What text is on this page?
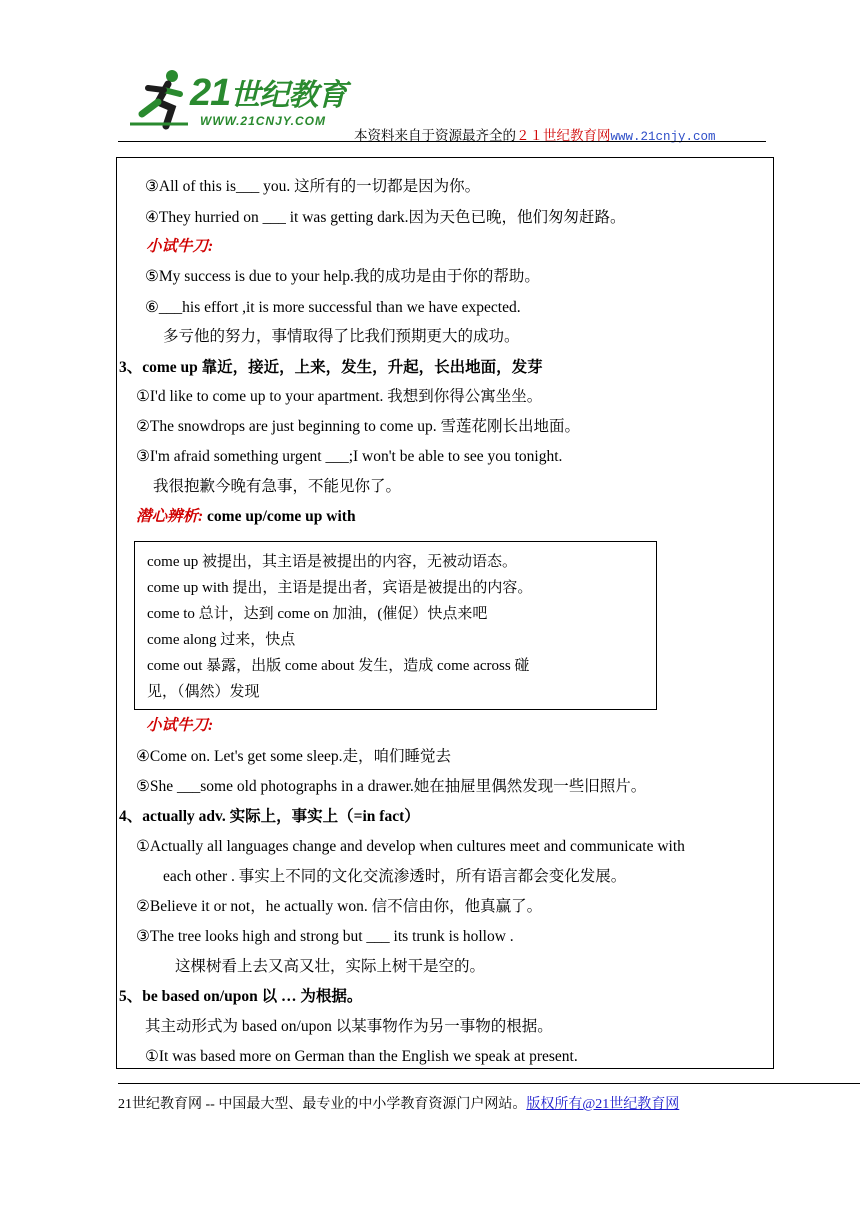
21世纪教育
WWW.21CNJY.COM
本资料来自于资源最齐全的２１世纪教育网www.21cnjy.com
③All of this is___ you. 这所有的一切都是因为你。
④They hurried on ___ it was getting dark.因为天色已晚，他们匆匆赶路。
小试牛刀:
⑤My success is due to your help.我的成功是由于你的帮助。
⑥___his effort ,it is more successful than we have expected.
多亏他的努力，事情取得了比我们预期更大的成功。
3、come up 靠近，接近，上来，发生，升起，长出地面，发芽
①I'd like to come up to your apartment. 我想到你得公寓坐坐。
②The snowdrops are just beginning to come up. 雪莲花刚长出地面。
③I'm afraid something urgent ___;I won't be able to see you tonight.
我很抱歉今晚有急事，不能见你了。
潜心辨析: come up/come up with
come up 被提出，其主语是被提出的内容，无被动语态。
come up with 提出，主语是提出者，宾语是被提出的内容。
come to 总计，达到 come on 加油，(催促）快点来吧
come along 过来，快点
come out 暴露，出版 come about 发生，造成 come across 碰
见，（偶然）发现
小试牛刀:
④Come on. Let's get some sleep.走，咱们睡觉去
⑤She ___some old photographs in a drawer.她在抽屉里偶然发现一些旧照片。
4、actually adv. 实际上，事实上（=in fact）
①Actually all languages change and develop when cultures meet and communicate with
each other . 事实上不同的文化交流渗透时，所有语言都会变化发展。
②Believe it or not，he actually won. 信不信由你，他真赢了。
③The tree looks high and strong but ___ its trunk is hollow .
这棵树看上去又高又壮，实际上树干是空的。
5、be based on/upon 以 … 为根据。
其主动形式为 based on/upon 以某事物作为另一事物的根据。
①It was based more on German than the English we speak at present.
21世纪教育网 -- 中国最大型、最专业的中小学教育资源门户网站。版权所有@21世纪教育网
